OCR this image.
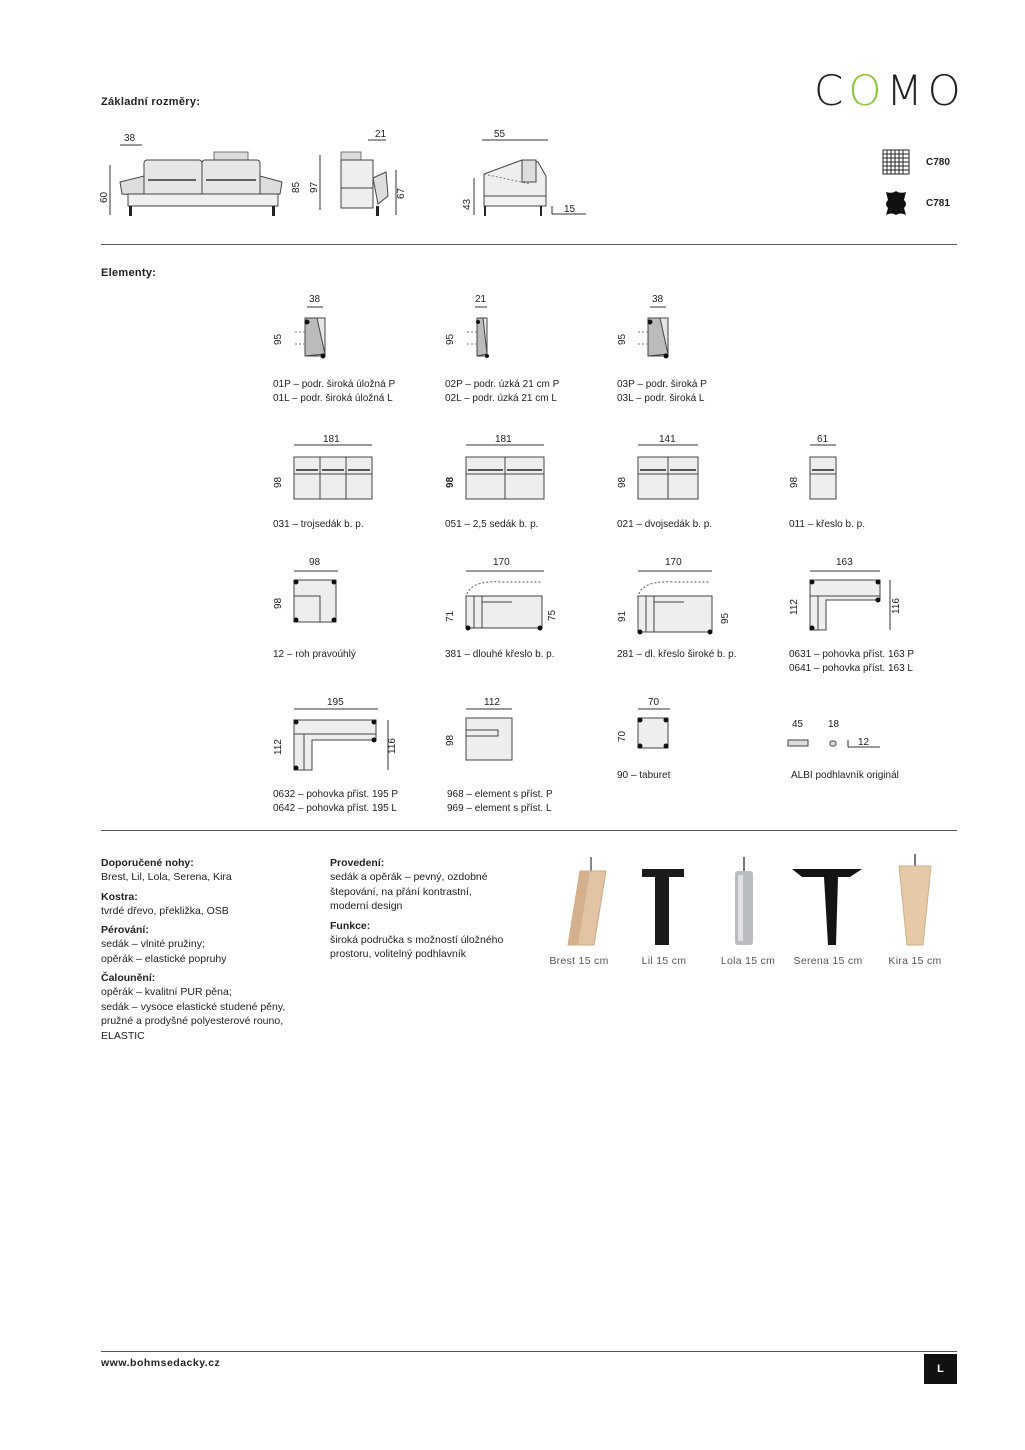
Základní rozměry:	COMO
38
60
21
85 97
67
55
43	15
C780
C781
Elementy:
38
95
01P – podr. široká úložná P
01L – podr. široká úložná L
21
95
02P – podr. úzká 21 cm P
02L – podr. úzká 21 cm L
38
95
03P – podr. široká P
03L – podr. široká L
181
98
031 – trojsedák b. p.
181
98
051 – 2,5 sedák b. p.
141
98
021 – dvojsedák b. p.
61
98
011 – křeslo b. p.
98
98
12 – roh pravoúhlý
170
71	75
381 – dlouhé křeslo b. p.
170
91	95
281 – dl. křeslo široké b. p.
163
112	116
0631 – pohovka příst. 163 P
0641 – pohovka příst. 163 L
195
112	116
0632 – pohovka příst. 195 P
0642 – pohovka příst. 195 L
112
98
968 – element s příst. P
969 – element s příst. L
70
70
90 – taburet
45 18
12
ALBI podhlavník originál
Doporučené nohy:
Brest, Lil, Lola, Serena, Kira
Kostra:
tvrdé dřevo, překližka, OSB
Pérování:
sedák – vlnité pružiny;
opěrák – elastické popruhy
Čalounění:
opěrák – kvalitní PUR pěna;
sedák – vysoce elastické studené pěny,
pružné a prodyšné polyesterové rouno,
ELASTIC
Provedení:
sedák a opěrák – pevný, ozdobné
štepování, na přání kontrastní,
moderní design
Funkce:
široká područka s možností úložného
prostoru, volitelný podhlavník
Brest 15 cm	Lil 15 cm	Lola 15 cm	Serena 15 cm	Kira 15 cm
www.bohmsedacky.cz	L
